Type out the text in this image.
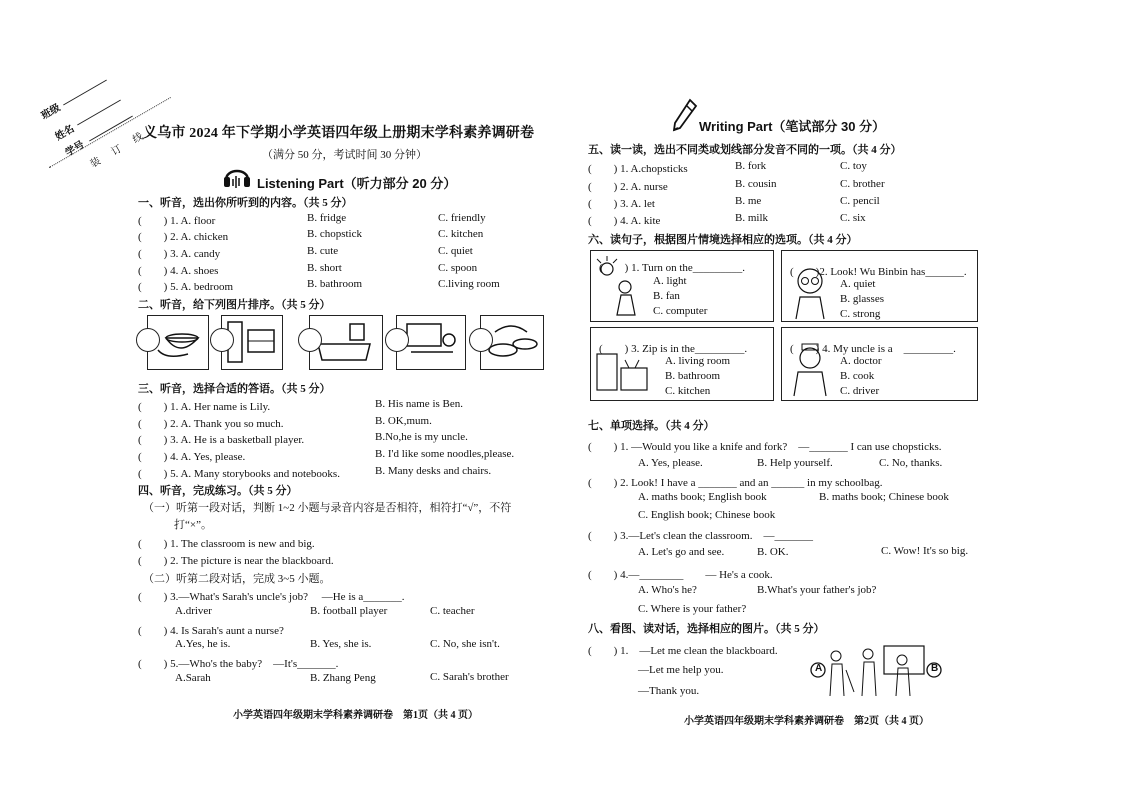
班级
姓名
学号 装 订 线
义乌市 2024 年下学期小学英语四年级上册期末学科素养调研卷
（满分 50 分，考试时间 30 分钟）
Listening Part（听力部分 20 分）
一、听音，选出你所听到的内容。（共 5 分）
(　　) 1. A. floor	B. fridge	C. friendly
(　　) 2. A. chicken	B. chopstick	C. kitchen
(　　) 3. A. candy	B. cute	C. quiet
(　　) 4. A. shoes	B. short	C. spoon
(　　) 5. A. bedroom	B. bathroom	C.living room
二、听音，给下列图片排序。（共 5 分）
三、听音，选择合适的答语。（共 5 分）
(　　) 1. A. Her name is Lily.	B. His name is Ben.
(　　) 2. A. Thank you so much.	B. OK,mum.
(　　) 3. A. He is a basketball player.	B.No,he is my uncle.
(　　) 4. A. Yes, please.	B. I'd like some noodles,please.
(　　) 5. A. Many storybooks and notebooks.	B. Many desks and chairs.
四、听音，完成练习。（共 5 分）
（一）听第一段对话，判断 1~2 小题与录音内容是否相符，相符打“√”，不符
打“×”。
(　　) 1. The classroom is new and big.
(　　) 2. The picture is near the blackboard.
（二）听第二段对话，完成 3~5 小题。
(　　) 3.—What's Sarah's uncle's job?　 —He is a_______.
A.driver	B. football player	C. teacher
(　　) 4. Is Sarah's aunt a nurse?
A.Yes, he is.	B. Yes, she is.	C. No, she isn't.
(　　) 5.—Who's the baby?　—It's_______.
A.Sarah	B. Zhang Peng	C. Sarah's brother
小学英语四年级期末学科素养调研卷　第1页（共 4 页）
Writing Part（笔试部分 30 分）
五、读一读，选出不同类或划线部分发音不同的一项。（共 4 分）
(　　) 1. A.chopsticks	B. fork	C. toy
(　　) 2. A. nurse	B. cousin	C. brother
(　　) 3. A. let	B. me	C. pencil
(　　) 4. A. kite	B. milk	C. six
六、读句子，根据图片情境选择相应的选项。（共 4 分）
(　　) 1. Turn on the_________.
A. light
B. fan
C. computer
(　　)2. Look! Wu Binbin has_______.
A. quiet
B. glasses
C. strong
(　　) 3. Zip is in the_________.
A. living room
B. bathroom
C. kitchen
(　　) 4. My uncle is a　_________.
A. doctor
B. cook
C. driver
七、单项选择。（共 4 分）
(　　) 1. —Would you like a knife and fork?　—_______ I can use chopsticks.
A. Yes, please.	B. Help yourself.	C. No, thanks.
(　　) 2. Look! I have a _______ and an ______ in my schoolbag.
A. maths book; English book	B. maths book; Chinese book
C. English book; Chinese book
(　　) 3.—Let's clean the classroom.　—_______
A. Let's go and see.	B. OK.	C. Wow! It's so big.
(　　) 4.—________　　— He's a cook.
A. Who's he?	B.What's your father's job?
C. Where is your father?
八、看图、读对话，选择相应的图片。（共 5 分）
(　　) 1.　—Let me clean the blackboard.
—Let me help you.
—Thank you.
A	B
小学英语四年级期末学科素养调研卷　第2页（共 4 页）
